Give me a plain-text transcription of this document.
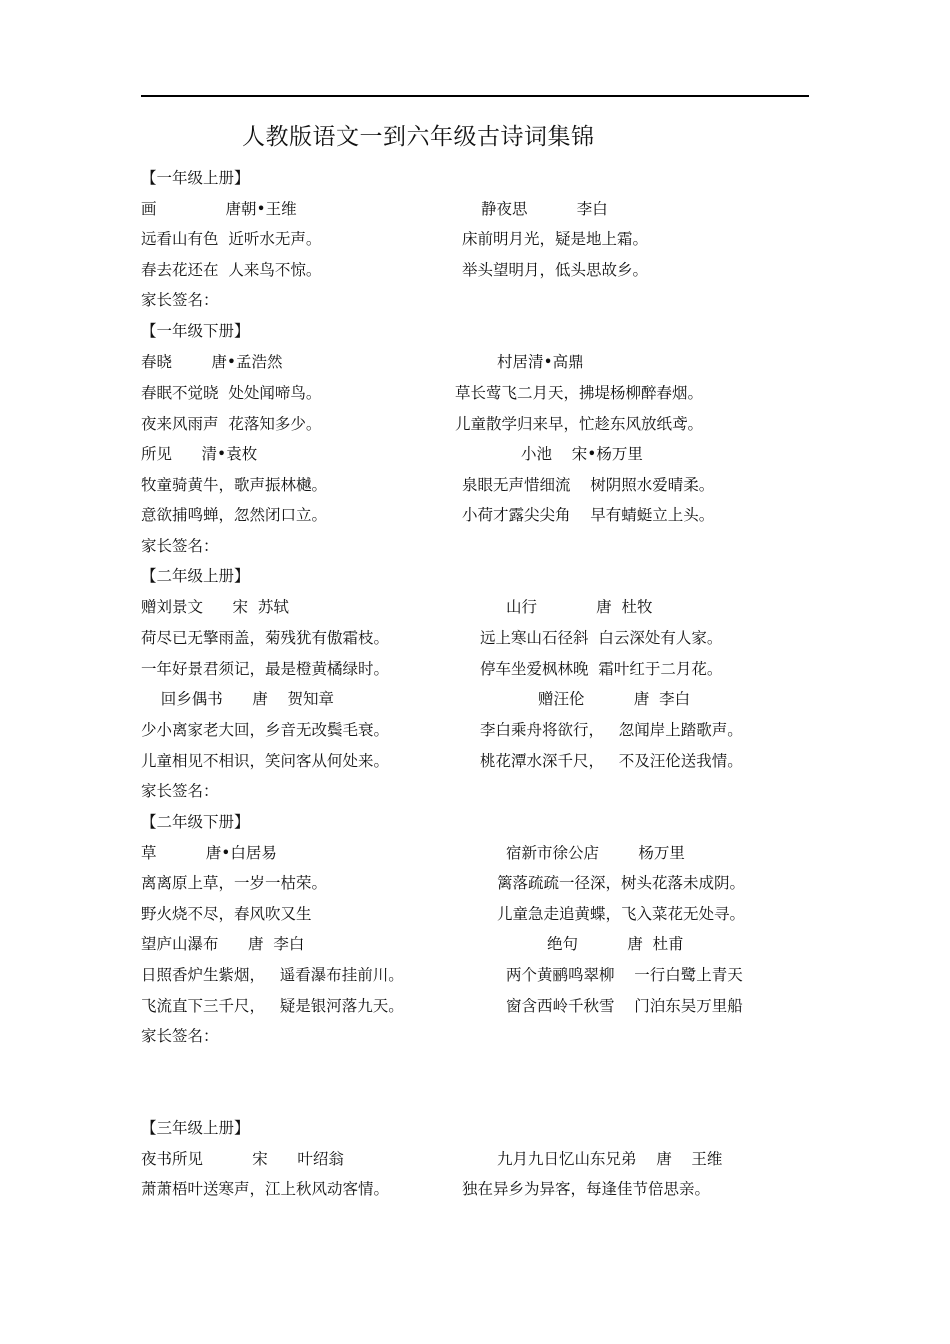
人教版语文一到六年级古诗词集锦
【一年级上册】
画              唐朝•王维	静夜思          李白
远看山有色  近听水无声。	床前明月光，疑是地上霜。
春去花还在  人来鸟不惊。	举头望明月，低头思故乡。
家长签名：
【一年级下册】
春晓        唐•孟浩然	村居清•高鼎
春眠不觉晓  处处闻啼鸟。	草长莺飞二月天，拂堤杨柳醉春烟。
夜来风雨声  花落知多少。	儿童散学归来早，忙趁东风放纸鸢。
所见      清•袁枚	小池    宋•杨万里
牧童骑黄牛，歌声振林樾。	泉眼无声惜细流    树阴照水爱晴柔。
意欲捕鸣蝉，忽然闭口立。	小荷才露尖尖角    早有蜻蜓立上头。
家长签名：
【二年级上册】
赠刘景文      宋  苏轼	山行            唐  杜牧
荷尽已无擎雨盖，菊残犹有傲霜枝。	远上寒山石径斜  白云深处有人家。
一年好景君须记，最是橙黄橘绿时。	停车坐爱枫林晚  霜叶红于二月花。
回乡偶书      唐    贺知章	赠汪伦          唐  李白
少小离家老大回，乡音无改鬓毛衰。	李白乘舟将欲行，   忽闻岸上踏歌声。
儿童相见不相识，笑问客从何处来。	桃花潭水深千尺，   不及汪伦送我情。
家长签名：
【二年级下册】
草          唐•白居易	宿新市徐公店        杨万里
离离原上草，一岁一枯荣。	篱落疏疏一径深，树头花落未成阴。
野火烧不尽，春风吹又生	儿童急走追黄蝶，飞入菜花无处寻。
望庐山瀑布      唐  李白	绝句          唐  杜甫
日照香炉生紫烟，   遥看瀑布挂前川。	两个黄鹂鸣翠柳    一行白鹭上青天
飞流直下三千尺，   疑是银河落九天。	窗含西岭千秋雪    门泊东吴万里船
家长签名：
【三年级上册】
夜书所见          宋      叶绍翁	九月九日忆山东兄弟    唐    王维
萧萧梧叶送寒声，江上秋风动客情。	独在异乡为异客，每逢佳节倍思亲。
